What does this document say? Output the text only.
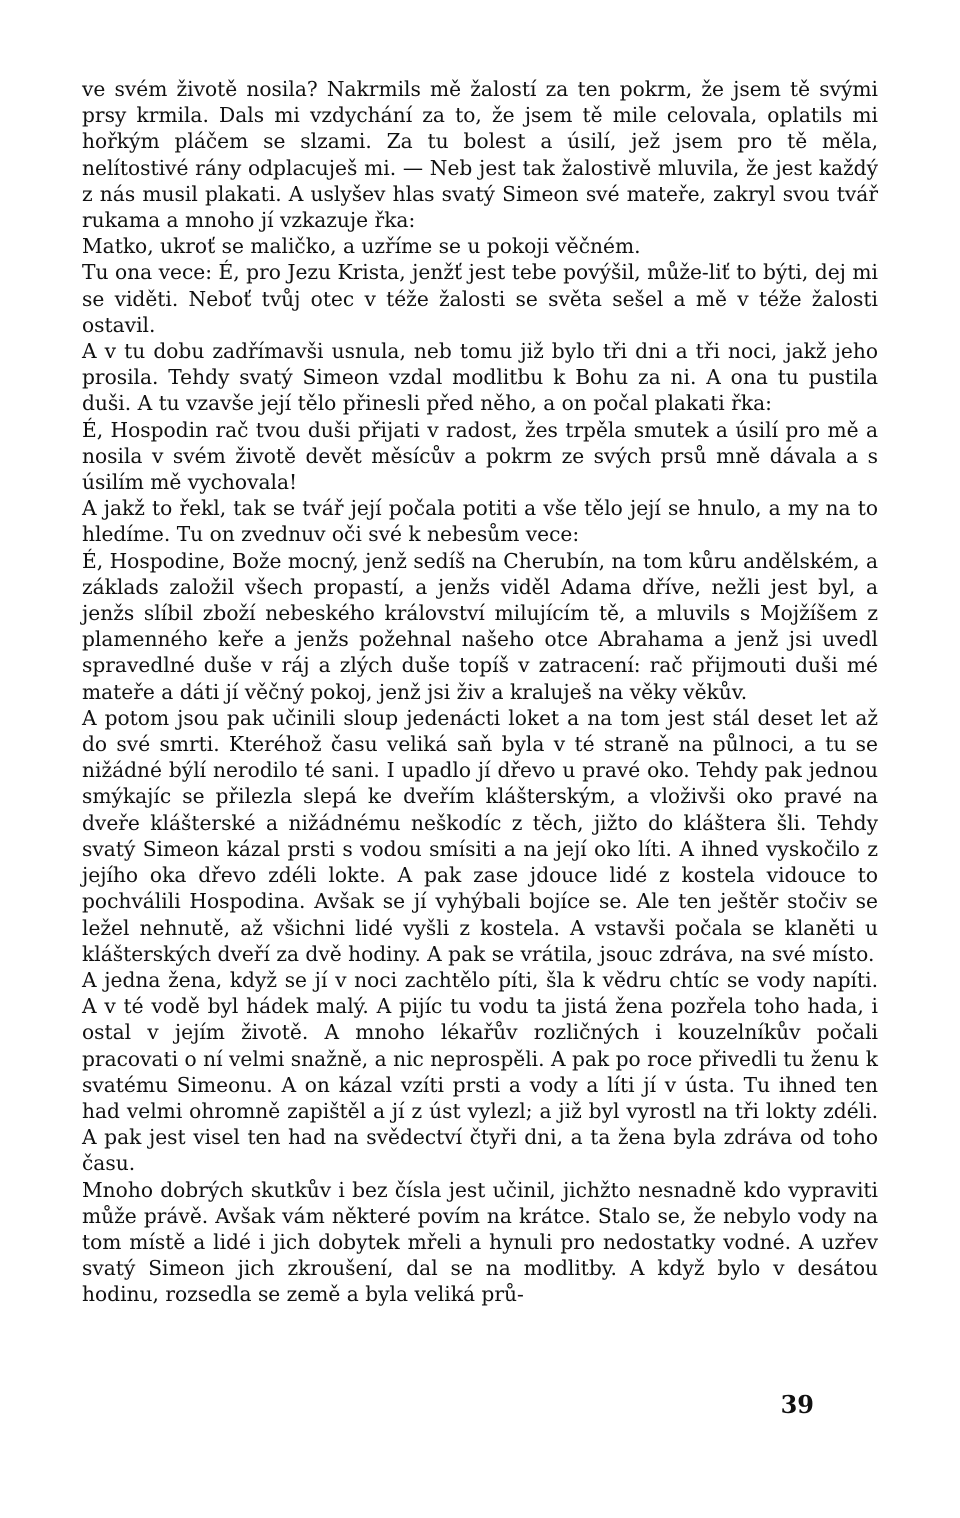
ve svém životě nosila? Nakrmils mě žalostí za ten pokrm, že jsem tě svými prsy krmila. Dals mi vzdychání za to, že jsem tě mile celovala, oplatils mi hořkým pláčem se slzami. Za tu bolest a úsilí, jež jsem pro tě měla, nelítostivé rány odplacuješ mi. — Neb jest tak žalostivě mluvila, že jest každý z nás musil plakati. A uslyšev hlas svatý Simeon své mateře, zakryl svou tvář rukama a mnoho jí vzkazuje řka:

Matko, ukroť se maličko, a uzříme se u pokoji věčném.

Tu ona vece: É, pro Jezu Krista, jenžť jest tebe povýšil, může-liť to býti, dej mi se viděti. Neboť tvůj otec v téže žalosti se světa sešel a mě v téže žalosti ostavil.

A v tu dobu zadřímavši usnula, neb tomu již bylo tři dni a tři noci, jakž jeho prosila. Tehdy svatý Simeon vzdal modlitbu k Bohu za ni. A ona tu pustila duši. A tu vzavše její tělo přinesli před něho, a on počal plakati řka:

É, Hospodin rač tvou duši přijati v radost, žes trpěla smutek a úsilí pro mě a nosila v svém životě devět měsícův a pokrm ze svých prsů mně dávala a s úsilím mě vychovala!

A jakž to řekl, tak se tvář její počala potiti a vše tělo její se hnulo, a my na to hledíme. Tu on zvednuv oči své k nebesům vece:

É, Hospodine, Bože mocný, jenž sedíš na Cherubín, na tom kůru andělském, a základs založil všech propastí, a jenžs viděl Adama dříve, nežli jest byl, a jenžs slíbil zboží nebeského království milujícím tě, a mluvils s Mojžíšem z plamenného keře a jenžs požehnal našeho otce Abrahama a jenž jsi uvedl spravedlné duše v ráj a zlých duše topíš v zatracení: rač přijmouti duši mé mateře a dáti jí věčný pokoj, jenž jsi živ a kraluješ na věky věkův.

A potom jsou pak učinili sloup jedenácti loket a na tom jest stál deset let až do své smrti. Kteréhož času veliká saň byla v té straně na půlnoci, a tu se nižádné býlí nerodilo té sani. I upadlo jí dřevo u pravé oko. Tehdy pak jednou smýkajíc se přilezla slepá ke dveřím klášterským, a vloživši oko pravé na dveře klášterské a nižádnému neškodíc z těch, jižto do kláštera šli. Tehdy svatý Simeon kázal prsti s vodou smísiti a na její oko líti. A ihned vyskočilo z jejího oka dřevo zdéli lokte. A pak zase jdouce lidé z kostela vidouce to pochválili Hospodina. Avšak se jí vyhýbali bojíce se. Ale ten ještěr stočiv se ležel nehnutě, až všichni lidé vyšli z kostela. A vstavši počala se klaněti u klášterských dveří za dvě hodiny. A pak se vrátila, jsouc zdráva, na své místo.

A jedna žena, když se jí v noci zachtělo píti, šla k vědru chtíc se vody napíti. A v té vodě byl hádek malý. A pijíc tu vodu ta jistá žena pozřela toho hada, i ostal v jejím životě. A mnoho lékařův rozličných i kouzelníkův počali pracovati o ní velmi snažně, a nic neprospěli. A pak po roce přivedli tu ženu k svatému Simeonu. A on kázal vzíti prsti a vody a líti jí v ústa. Tu ihned ten had velmi ohromně zapištěl a jí z úst vylezl; a již byl vyrostl na tři lokty zdéli. A pak jest visel ten had na svědectví čtyři dni, a ta žena byla zdráva od toho času.

Mnoho dobrých skutkův i bez čísla jest učinil, jichžto nesnadně kdo vypraviti může právě. Avšak vám některé povím na krátce. Stalo se, že nebylo vody na tom místě a lidé i jich dobytek mřeli a hynuli pro nedostatky vodné. A uzřev svatý Simeon jich zkroušení, dal se na modlitby. A když bylo v desátou hodinu, rozsedla se země a byla veliká prů-

39
